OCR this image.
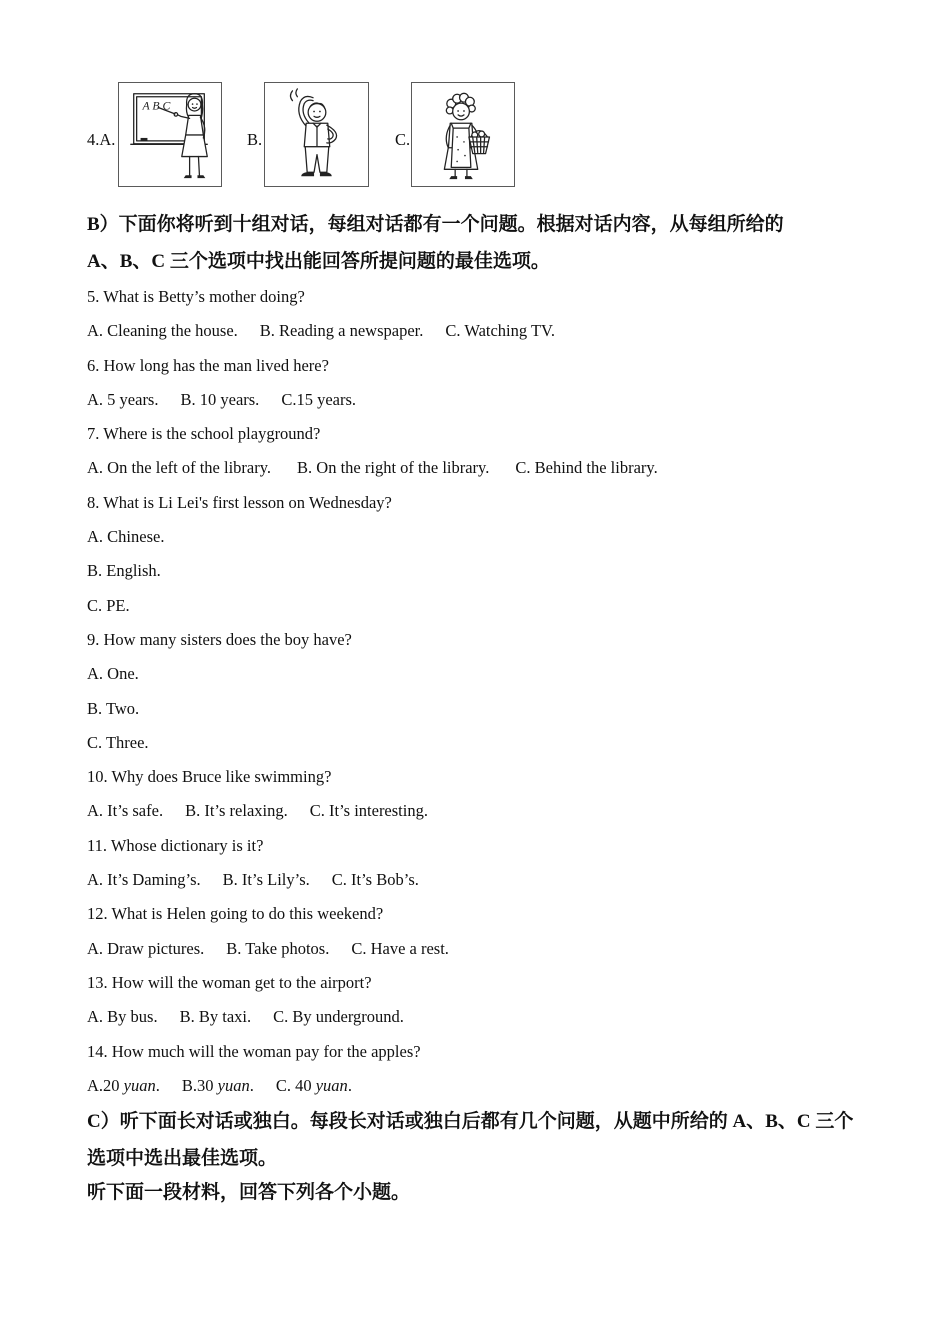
4.A.
A B C
B.	C.
B）下面你将听到十组对话，每组对话都有一个问题。根据对话内容，从每组所给的
A、B、C 三个选项中找出能回答所提问题的最佳选项。
5. What is Betty’s mother doing?
A. Cleaning the house. B. Reading a newspaper. C. Watching TV.
6. How long has the man lived here?
A. 5 years. B. 10 years. C.15 years.
7. Where is the school playground?
A. On the left of the library. B. On the right of the library. C. Behind the library.
8. What is Li Lei's first lesson on Wednesday?
A. Chinese.
B. English.
C. PE.
9. How many sisters does the boy have?
A. One.
B. Two.
C. Three.
10. Why does Bruce like swimming?
A. It’s safe. B. It’s relaxing. C. It’s interesting.
11. Whose dictionary is it?
A. It’s Daming’s. B. It’s Lily’s. C. It’s Bob’s.
12. What is Helen going to do this weekend?
A. Draw pictures. B. Take photos. C. Have a rest.
13. How will the woman get to the airport?
A. By bus. B. By taxi. C. By underground.
14. How much will the woman pay for the apples?
A.20 yuan. B.30 yuan. C. 40 yuan.
C）听下面长对话或独白。每段长对话或独白后都有几个问题，从题中所给的 A、B、C 三个
选项中选出最佳选项。
听下面一段材料，回答下列各个小题。
